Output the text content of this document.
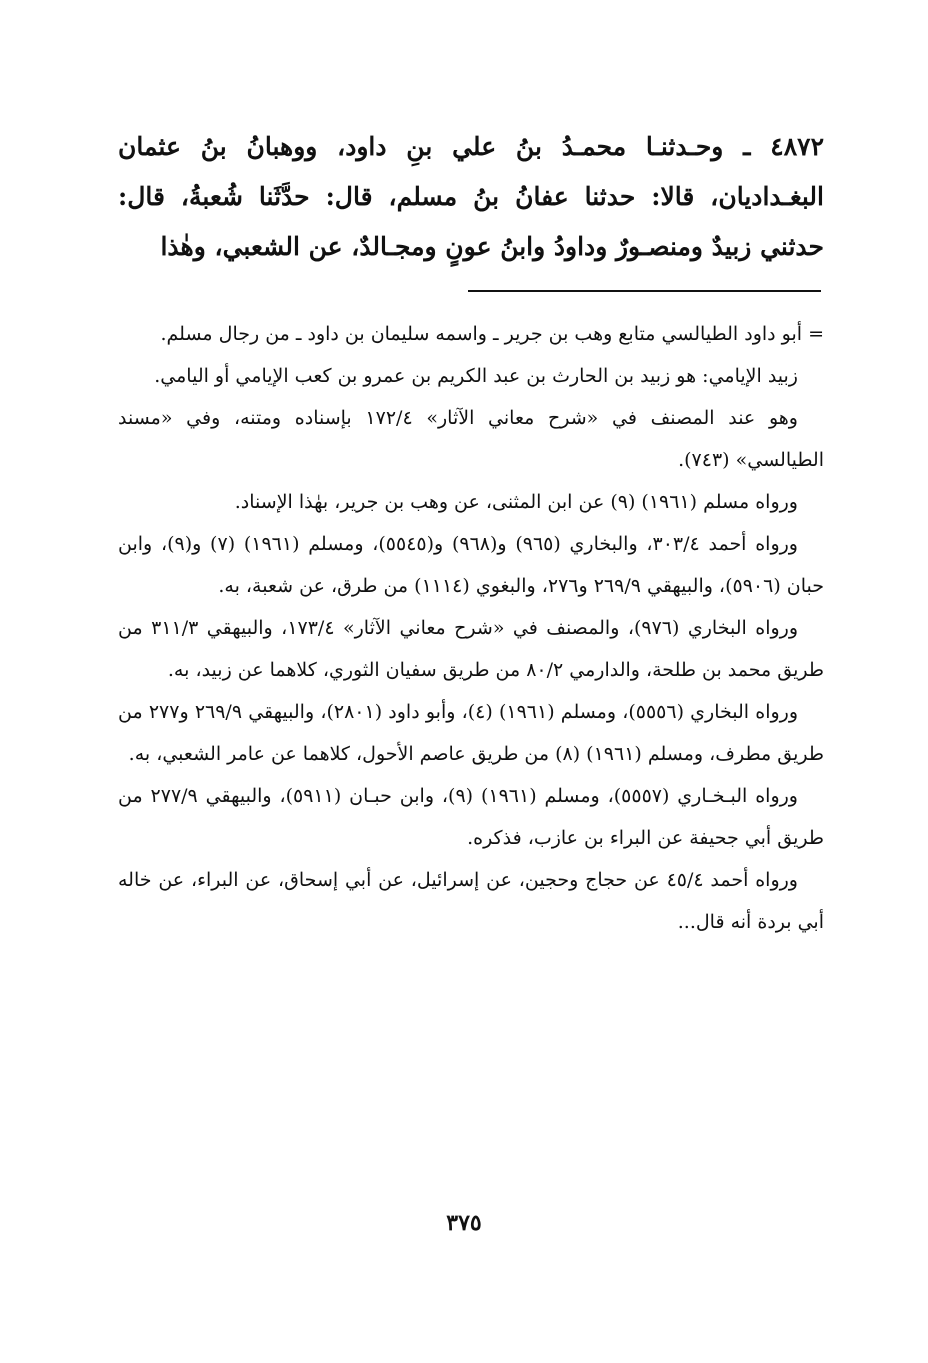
٤٨٧٢ ـ وحـدثنـا محمـدُ بنُ علي بنِ داود، ووهبانُ بنُ عثمان البغـداديان، قالا: حدثنا عفانُ بنُ مسلم، قال: حدَّثَنا شُعبةُ، قال: حدثني زبيدٌ ومنصـورٌ وداودُ وابنُ عونٍ ومجـالدٌ، عن الشعبي، وهٰذا

= أبو داود الطيالسي متابع وهب بن جرير ـ واسمه سليمان بن داود ـ من رجال مسلم.

زبيد الإيامي: هو زبيد بن الحارث بن عبد الكريم بن عمرو بن كعب الإيامي أو اليامي.

وهو عند المصنف في «شرح معاني الآثار» ١٧٢/٤ بإسناده ومتنه، وفي «مسند الطيالسي» (٧٤٣).

ورواه مسلم (١٩٦١) (٩) عن ابن المثنى، عن وهب بن جرير، بهٰذا الإسناد.

ورواه أحمد ٣٠٣/٤، والبخاري (٩٦٥) و(٩٦٨) و(٥٥٤٥)، ومسلم (١٩٦١) (٧) و(٩)، وابن حبان (٥٩٠٦)، والبيهقي ٢٦٩/٩ و٢٧٦، والبغوي (١١١٤) من طرق، عن شعبة، به.

ورواه البخاري (٩٧٦)، والمصنف في «شرح معاني الآثار» ١٧٣/٤، والبيهقي ٣١١/٣ من طريق محمد بن طلحة، والدارمي ٨٠/٢ من طريق سفيان الثوري، كلاهما عن زبيد، به.

ورواه البخاري (٥٥٥٦)، ومسلم (١٩٦١) (٤)، وأبو داود (٢٨٠١)، والبيهقي ٢٦٩/٩ و٢٧٧ من طريق مطرف، ومسلم (١٩٦١) (٨) من طريق عاصم الأحول، كلاهما عن عامر الشعبي، به.

ورواه البـخـاري (٥٥٥٧)، ومسلم (١٩٦١) (٩)، وابن حبـان (٥٩١١)، والبيهقي ٢٧٧/٩ من طريق أبي جحيفة عن البراء بن عازب، فذكره.

ورواه أحمد ٤٥/٤ عن حجاج وحجين، عن إسرائيل، عن أبي إسحاق، عن البراء، عن خاله أبي بردة أنه قال...

٣٧٥
